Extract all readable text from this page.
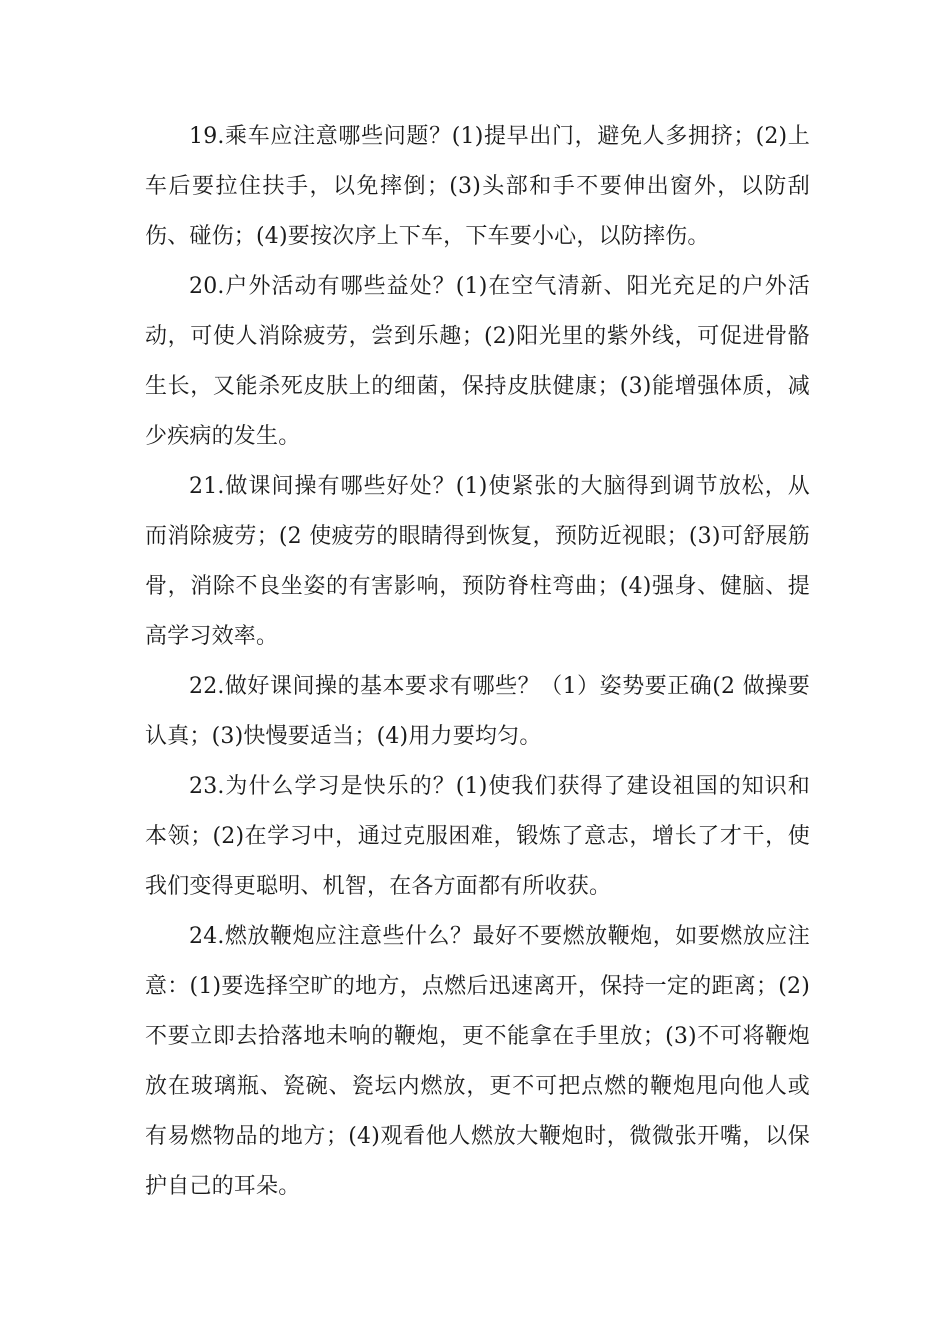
19.乘车应注意哪些问题？(1)提早出门，避免人多拥挤；(2)上车后要拉住扶手，以免摔倒；(3)头部和手不要伸出窗外，以防刮伤、碰伤；(4)要按次序上下车，下车要小心，以防摔伤。

20.户外活动有哪些益处？(1)在空气清新、阳光充足的户外活动，可使人消除疲劳，尝到乐趣；(2)阳光里的紫外线，可促进骨骼生长，又能杀死皮肤上的细菌，保持皮肤健康；(3)能增强体质，减少疾病的发生。

21.做课间操有哪些好处？(1)使紧张的大脑得到调节放松，从而消除疲劳；(2 使疲劳的眼睛得到恢复，预防近视眼；(3)可舒展筋骨，消除不良坐姿的有害影响，预防脊柱弯曲；(4)强身、健脑、提高学习效率。

22.做好课间操的基本要求有哪些？（1）姿势要正确(2 做操要认真；(3)快慢要适当；(4)用力要均匀。

23.为什么学习是快乐的？(1)使我们获得了建设祖国的知识和本领；(2)在学习中，通过克服困难，锻炼了意志，增长了才干，使我们变得更聪明、机智，在各方面都有所收获。

24.燃放鞭炮应注意些什么？最好不要燃放鞭炮，如要燃放应注意：(1)要选择空旷的地方，点燃后迅速离开，保持一定的距离；(2)不要立即去拾落地未响的鞭炮，更不能拿在手里放；(3)不可将鞭炮放在玻璃瓶、瓷碗、瓷坛内燃放，更不可把点燃的鞭炮甩向他人或有易燃物品的地方；(4)观看他人燃放大鞭炮时，微微张开嘴，以保护自己的耳朵。
